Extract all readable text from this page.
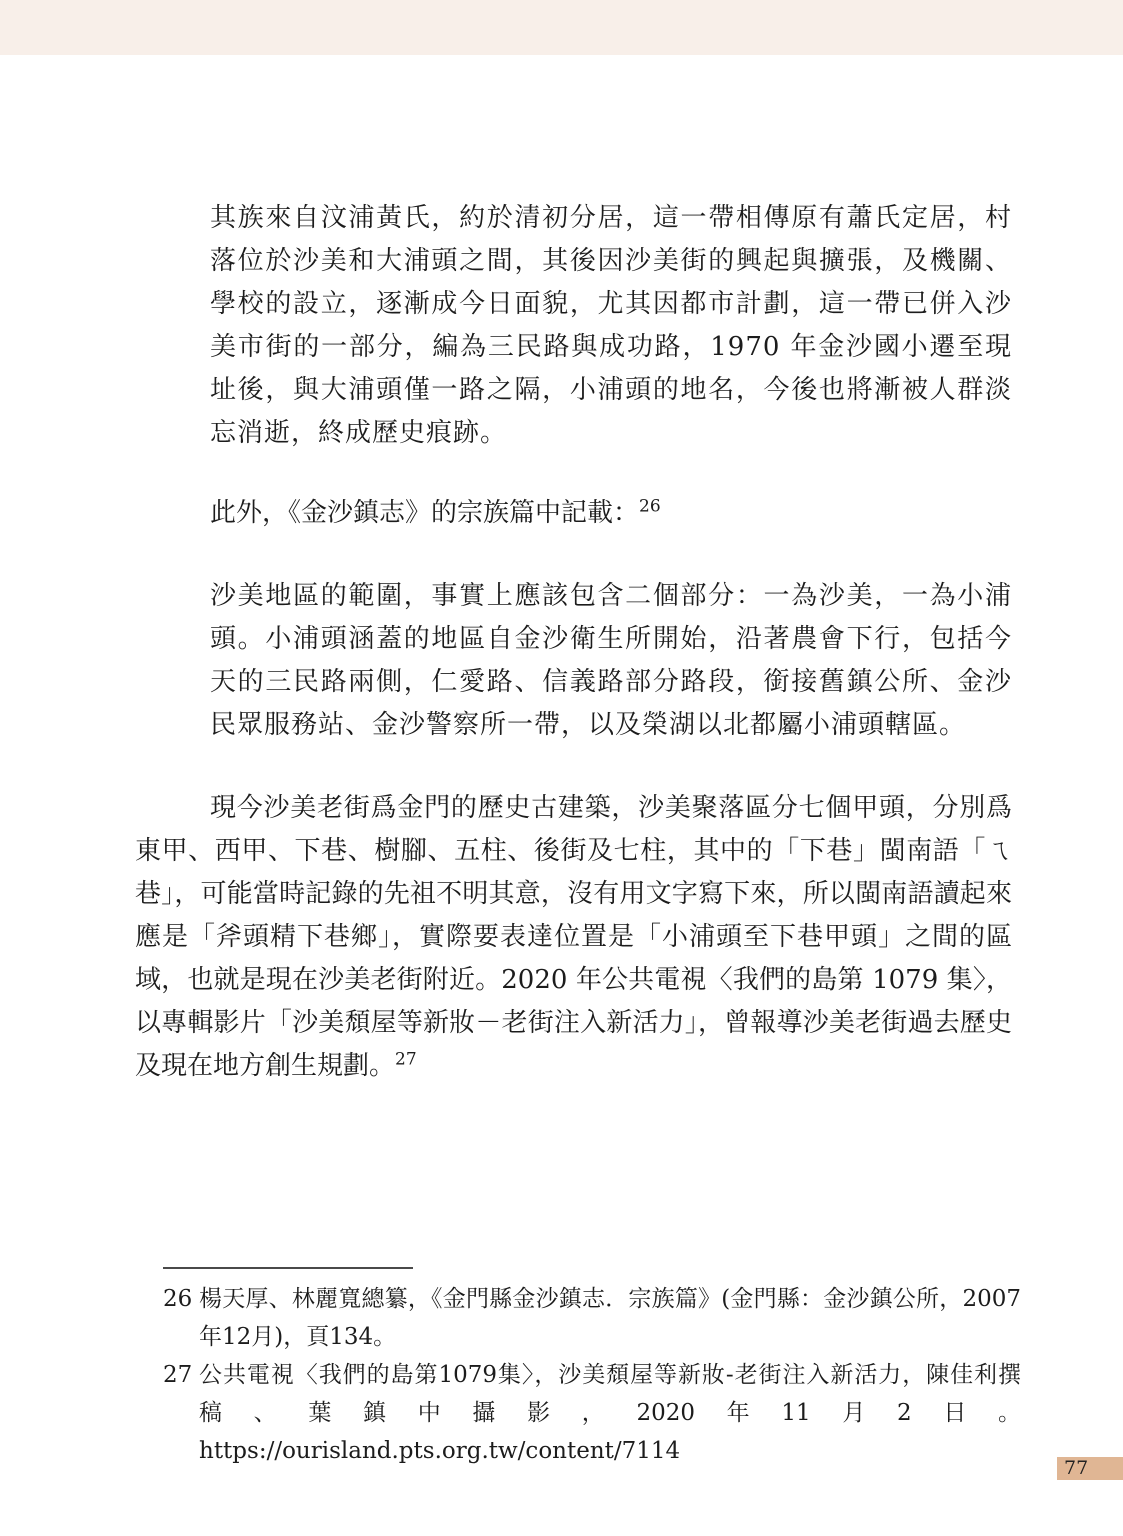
其族來自汶浦黃氏，約於清初分居，這一帶相傳原有蕭氏定居，村落位於沙美和大浦頭之間，其後因沙美街的興起與擴張，及機關、學校的設立，逐漸成今日面貌，尤其因都市計劃，這一帶已併入沙美市街的一部分，編為三民路與成功路，1970 年金沙國小遷至現址後，與大浦頭僅一路之隔，小浦頭的地名，今後也將漸被人群淡忘消逝，終成歷史痕跡。

此外，《金沙鎮志》的宗族篇中記載：$^{26}$

沙美地區的範圍，事實上應該包含二個部分：一為沙美，一為小浦頭。小浦頭涵蓋的地區自金沙衛生所開始，沿著農會下行，包括今天的三民路兩側，仁愛路、信義路部分路段，銜接舊鎮公所、金沙民眾服務站、金沙警察所一帶，以及榮湖以北都屬小浦頭轄區。

現今沙美老街爲金門的歷史古建築，沙美聚落區分七個甲頭，分別爲東甲、西甲、下巷、樹腳、五柱、後街及七柱，其中的「下巷」閩南語「ㄟ巷」，可能當時記錄的先祖不明其意，沒有用文字寫下來，所以閩南語讀起來應是「斧頭精下巷鄉」，實際要表達位置是「小浦頭至下巷甲頭」之間的區域，也就是現在沙美老街附近。2020 年公共電視〈我們的島第 1079 集〉，以專輯影片「沙美頹屋等新妝－老街注入新活力」，曾報導沙美老街過去歷史及現在地方創生規劃。$^{27}$

26 楊天厚、林麗寬總纂，《金門縣金沙鎮志．宗族篇》(金門縣：金沙鎮公所，2007年12月)，頁134。
27 公共電視〈我們的島第1079集〉，沙美頹屋等新妝-老街注入新活力，陳佳利撰稿、葉鎮中攝影，2020年11月2日。https://ourisland.pts.org.tw/content/7114
77
